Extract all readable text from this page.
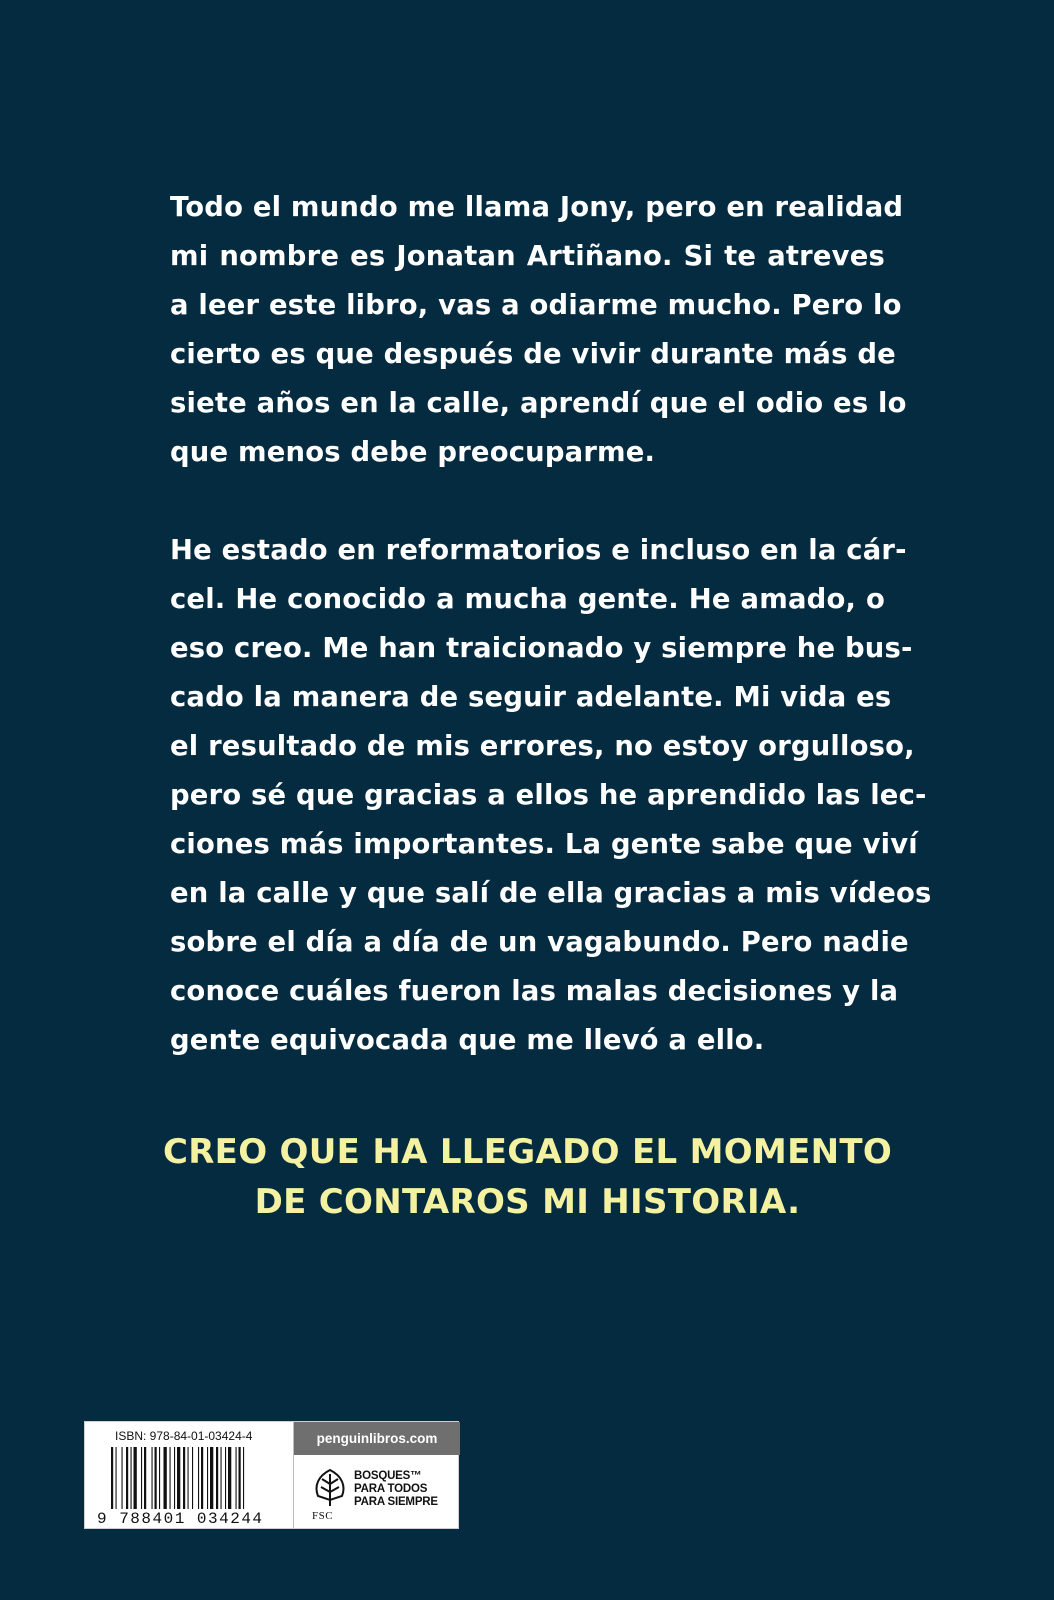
Todo el mundo me llama Jony, pero en realidad
mi nombre es Jonatan Artiñano. Si te atreves
a leer este libro, vas a odiarme mucho. Pero lo
cierto es que después de vivir durante más de
siete años en la calle, aprendí que el odio es lo
que menos debe preocuparme.
He estado en reformatorios e incluso en la cár-
cel. He conocido a mucha gente. He amado, o
eso creo. Me han traicionado y siempre he bus-
cado la manera de seguir adelante. Mi vida es
el resultado de mis errores, no estoy orgulloso,
pero sé que gracias a ellos he aprendido las lec-
ciones más importantes. La gente sabe que viví
en la calle y que salí de ella gracias a mis vídeos
sobre el día a día de un vagabundo. Pero nadie
conoce cuáles fueron las malas decisiones y la
gente equivocada que me llevó a ello.
CREO QUE HA LLEGADO EL MOMENTO
DE CONTAROS MI HISTORIA.
ISBN: 978-84-01-03424-4
9 788401 034244
penguinlibros.com
BOSQUES™
PARA TODOS
PARA SIEMPRE
FSC
